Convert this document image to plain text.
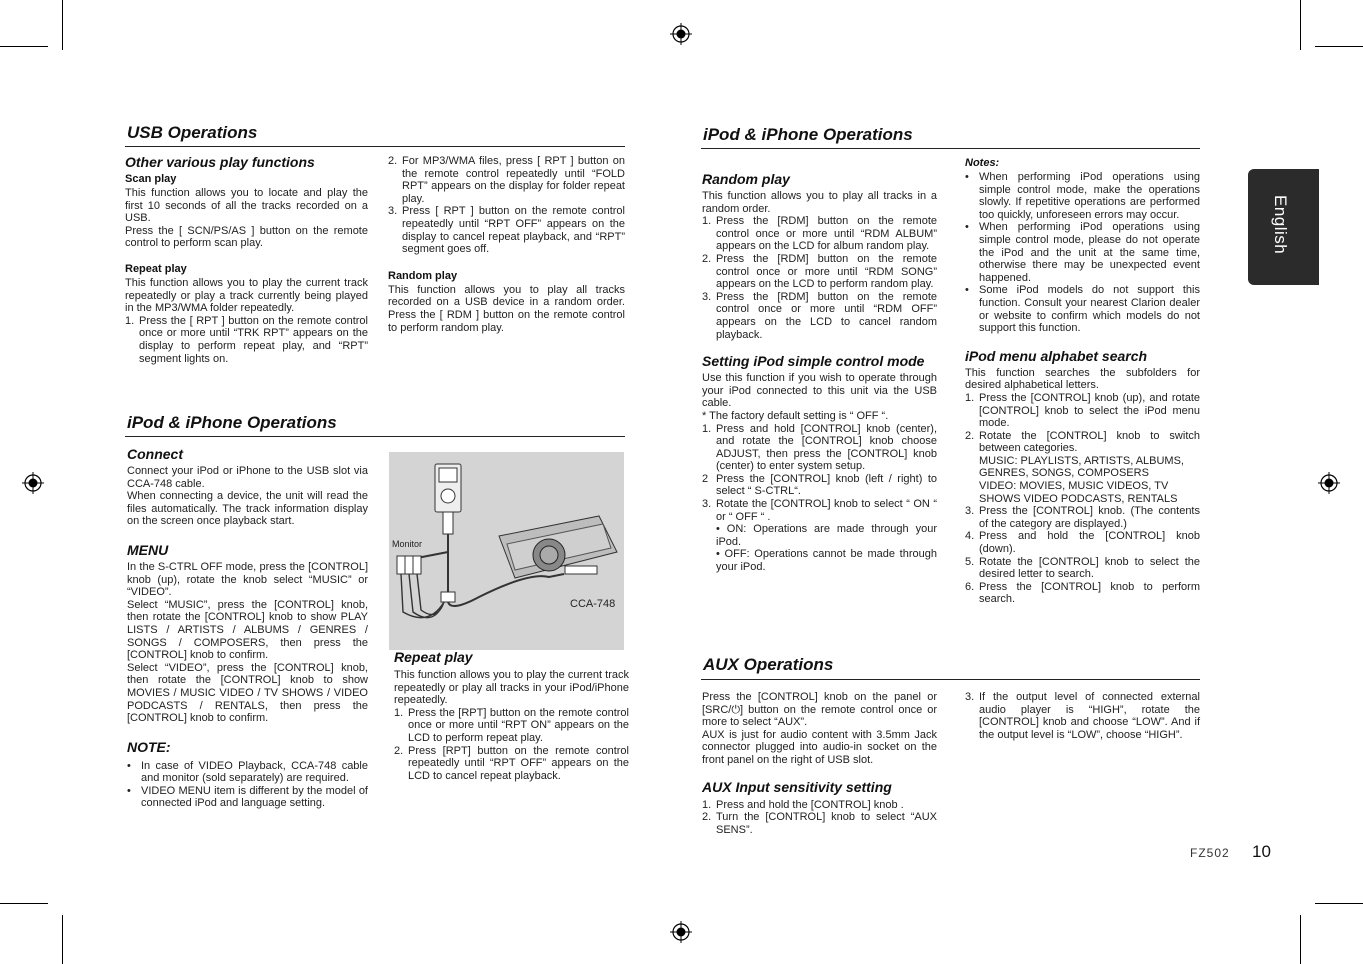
English
USB Operations
Other various play functions
Scan play

This function allows you to locate and play the first 10 seconds of all the tracks recorded on a USB.

Press the [ SCN/PS/AS ] button on the remote control to perform scan play.

Repeat play

This function allows you to play the current track repeatedly or play a track currently being played in the MP3/WMA folder repeatedly.

1. Press the [ RPT ] button on the remote control once or more until “TRK RPT” appears on the display to perform repeat play, and “RPT” segment lights on.
2. For MP3/WMA files, press [ RPT ] button on the remote control repeatedly until “FOLD RPT” appears on the display for folder repeat play.
3. Press [ RPT ] button on the remote control repeatedly until “RPT OFF” appears on the display to cancel repeat playback, and “RPT” segment goes off.
Random play

This function allows you to play all tracks recorded on a USB device in a random order. Press the [ RDM ] button on the remote control to perform random play.

iPod & iPhone Operations
Connect

Connect your iPod or iPhone to the USB slot via CCA-748 cable.

When connecting a device, the unit will read the files automatically. The track information display on the screen once playback start.

MENU

In the S-CTRL OFF mode, press the [CONTROL] knob (up), rotate the knob select “MUSIC” or “VIDEO”.

Select “MUSIC”, press the [CONTROL] knob, then rotate the [CONTROL] knob to show PLAY LISTS / ARTISTS / ALBUMS / GENRES / SONGS / COMPOSERS, then press the [CONTROL] knob to confirm.

Select “VIDEO”, press the [CONTROL] knob, then rotate the [CONTROL] knob to show MOVIES / MUSIC VIDEO / TV SHOWS / VIDEO PODCASTS / RENTALS, then press the [CONTROL] knob to confirm.

NOTE:
• In case of VIDEO Playback, CCA-748 cable and monitor (sold separately) are required.
• VIDEO MENU item is different by the model of connected iPod and language setting.
Monitor
CCA-748
Repeat play

This function allows you to play the current track repeatedly or play all tracks in your iPod/iPhone repeatedly.

1. Press the [RPT] button on the remote control once or more until “RPT ON” appears on the LCD to perform repeat play.
2. Press [RPT] button on the remote control repeatedly until “RPT OFF” appears on the LCD to cancel repeat playback.
iPod & iPhone Operations
Random play

This function allows you to play all tracks in a random order.

1. Press the [RDM] button on the remote control once or more until “RDM ALBUM” appears on the LCD for album random play.
2. Press the [RDM] button on the remote control once or more until “RDM SONG” appears on the LCD to perform random play.
3. Press the [RDM] button on the remote control once or more until “RDM OFF” appears on the LCD to cancel random playback.
Setting iPod simple control mode

Use this function if you wish to operate through your iPod connected to this unit via the USB cable.

* The factory default setting is “ OFF “.

1. Press and hold [CONTROL] knob (center), and rotate the [CONTROL] knob choose ADJUST, then press the [CONTROL] knob (center) to enter system setup.
2 Press the [CONTROL] knob (left / right) to select “ S-CTRL“.
3. Rotate the [CONTROL] knob to select “ ON “ or “ OFF “ .

• ON: Operations are made through your iPod.

• OFF: Operations cannot be made through your iPod.

Notes:
• When performing iPod operations using simple control mode, make the operations slowly. If repetitive operations are performed too quickly, unforeseen errors may occur.
• When performing iPod operations using simple control mode, please do not operate the iPod and the unit at the same time, otherwise there may be unexpected event happened.
• Some iPod models do not support this function. Consult your nearest Clarion dealer or website to confirm which models do not support this function.
iPod menu alphabet search

This function searches the subfolders for desired alphabetical letters.

1. Press the [CONTROL] knob (up), and rotate [CONTROL] knob to select the iPod menu mode.
2. Rotate the [CONTROL] knob to switch between categories.

MUSIC: PLAYLISTS, ARTISTS, ALBUMS, GENRES, SONGS, COMPOSERS

VIDEO: MOVIES, MUSIC VIDEOS, TV SHOWS VIDEO PODCASTS, RENTALS

3. Press the [CONTROL] knob. (The contents of the category are displayed.)
4. Press and hold the [CONTROL] knob (down).
5. Rotate the [CONTROL] knob to select the desired letter to search.
6. Press the [CONTROL] knob to perform search.
AUX Operations

Press the [CONTROL] knob on the panel or [SRC/⏻] button on the remote control once or more to select “AUX”.

AUX is just for audio content with 3.5mm Jack connector plugged into audio-in socket on the front panel on the right of USB slot.

AUX Input sensitivity setting
1. Press and hold the [CONTROL] knob .
2. Turn the [CONTROL] knob to select “AUX SENS”.
3. If the output level of connected external audio player is “HIGH”, rotate the [CONTROL] knob and choose “LOW”. And if the output level is “LOW”, choose “HIGH”.
FZ502 10
